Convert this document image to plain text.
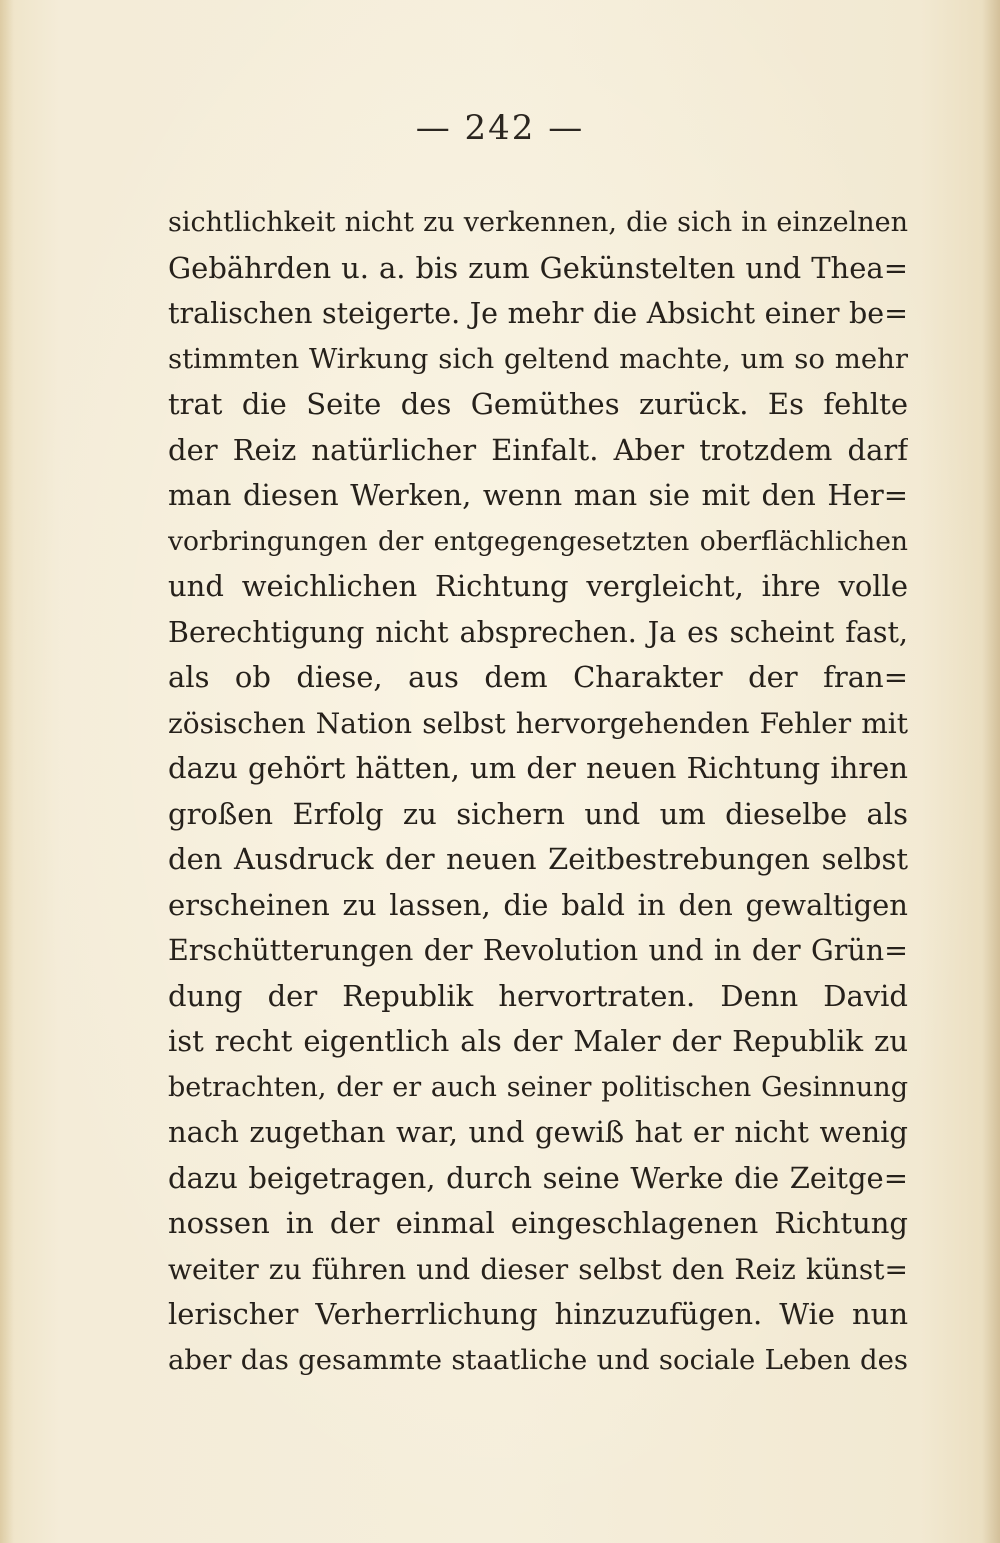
— 242 —
sichtlichkeit nicht zu verkennen, die sich in einzelnen
Gebährden u. a. bis zum Gekünstelten und Thea=
tralischen steigerte. Je mehr die Absicht einer be=
stimmten Wirkung sich geltend machte, um so mehr
trat die Seite des Gemüthes zurück. Es fehlte
der Reiz natürlicher Einfalt. Aber trotzdem darf
man diesen Werken, wenn man sie mit den Her=
vorbringungen der entgegengesetzten oberflächlichen
und weichlichen Richtung vergleicht, ihre volle
Berechtigung nicht absprechen. Ja es scheint fast,
als ob diese, aus dem Charakter der fran=
zösischen Nation selbst hervorgehenden Fehler mit
dazu gehört hätten, um der neuen Richtung ihren
großen Erfolg zu sichern und um dieselbe als
den Ausdruck der neuen Zeitbestrebungen selbst
erscheinen zu lassen, die bald in den gewaltigen
Erschütterungen der Revolution und in der Grün=
dung der Republik hervortraten. Denn David
ist recht eigentlich als der Maler der Republik zu
betrachten, der er auch seiner politischen Gesinnung
nach zugethan war, und gewiß hat er nicht wenig
dazu beigetragen, durch seine Werke die Zeitge=
nossen in der einmal eingeschlagenen Richtung
weiter zu führen und dieser selbst den Reiz künst=
lerischer Verherrlichung hinzuzufügen. Wie nun
aber das gesammte staatliche und sociale Leben des
